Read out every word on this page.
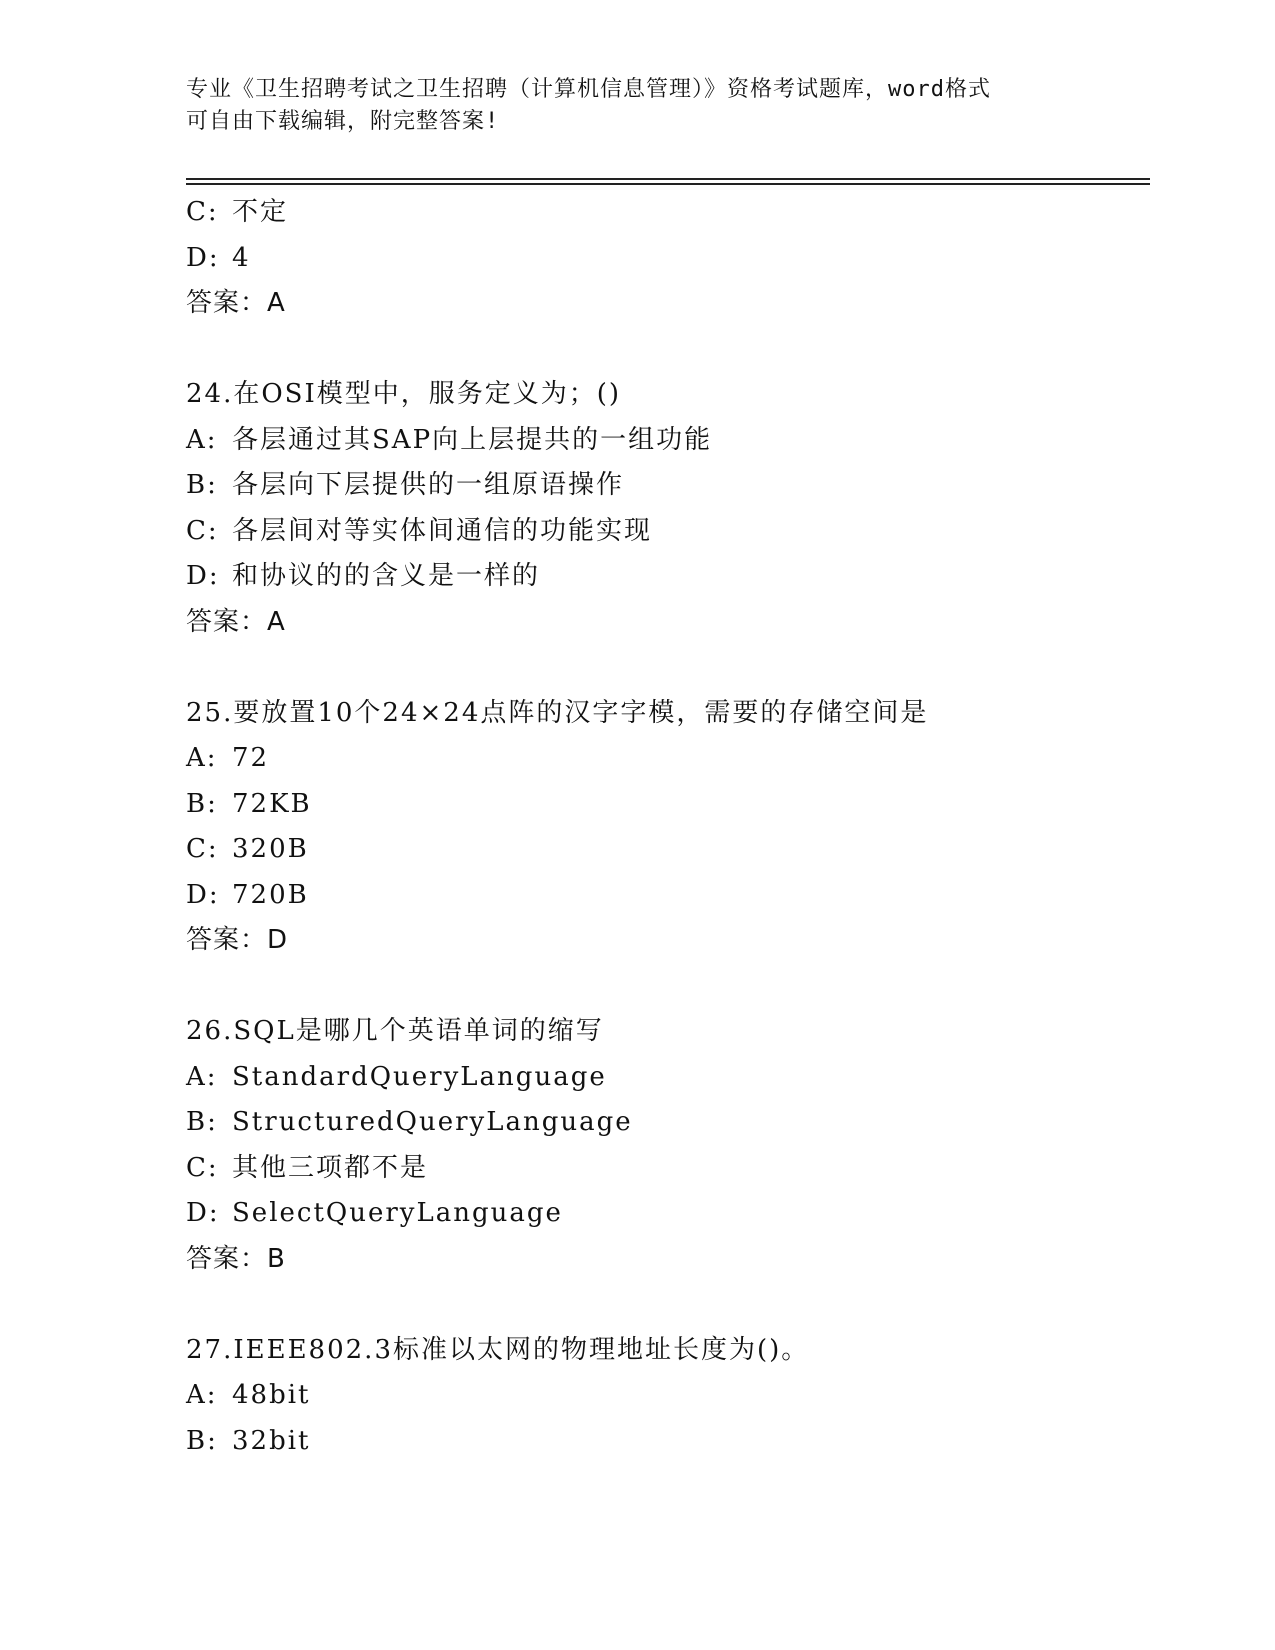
专业《卫生招聘考试之卫生招聘（计算机信息管理）》资格考试题库，word格式
可自由下载编辑，附完整答案!
C: 不定
D: 4
答案：A
24.在OSI模型中，服务定义为；()
A: 各层通过其SAP向上层提共的一组功能
B: 各层向下层提供的一组原语操作
C: 各层间对等实体间通信的功能实现
D: 和协议的的含义是一样的
答案：A
25.要放置10个24×24点阵的汉字字模，需要的存储空间是
A: 72
B: 72KB
C: 320B
D: 720B
答案：D
26.SQL是哪几个英语单词的缩写
A: StandardQueryLanguage
B: StructuredQueryLanguage
C: 其他三项都不是
D: SelectQueryLanguage
答案：B
27.IEEE802.3标准以太网的物理地址长度为()。
A: 48bit
B: 32bit
